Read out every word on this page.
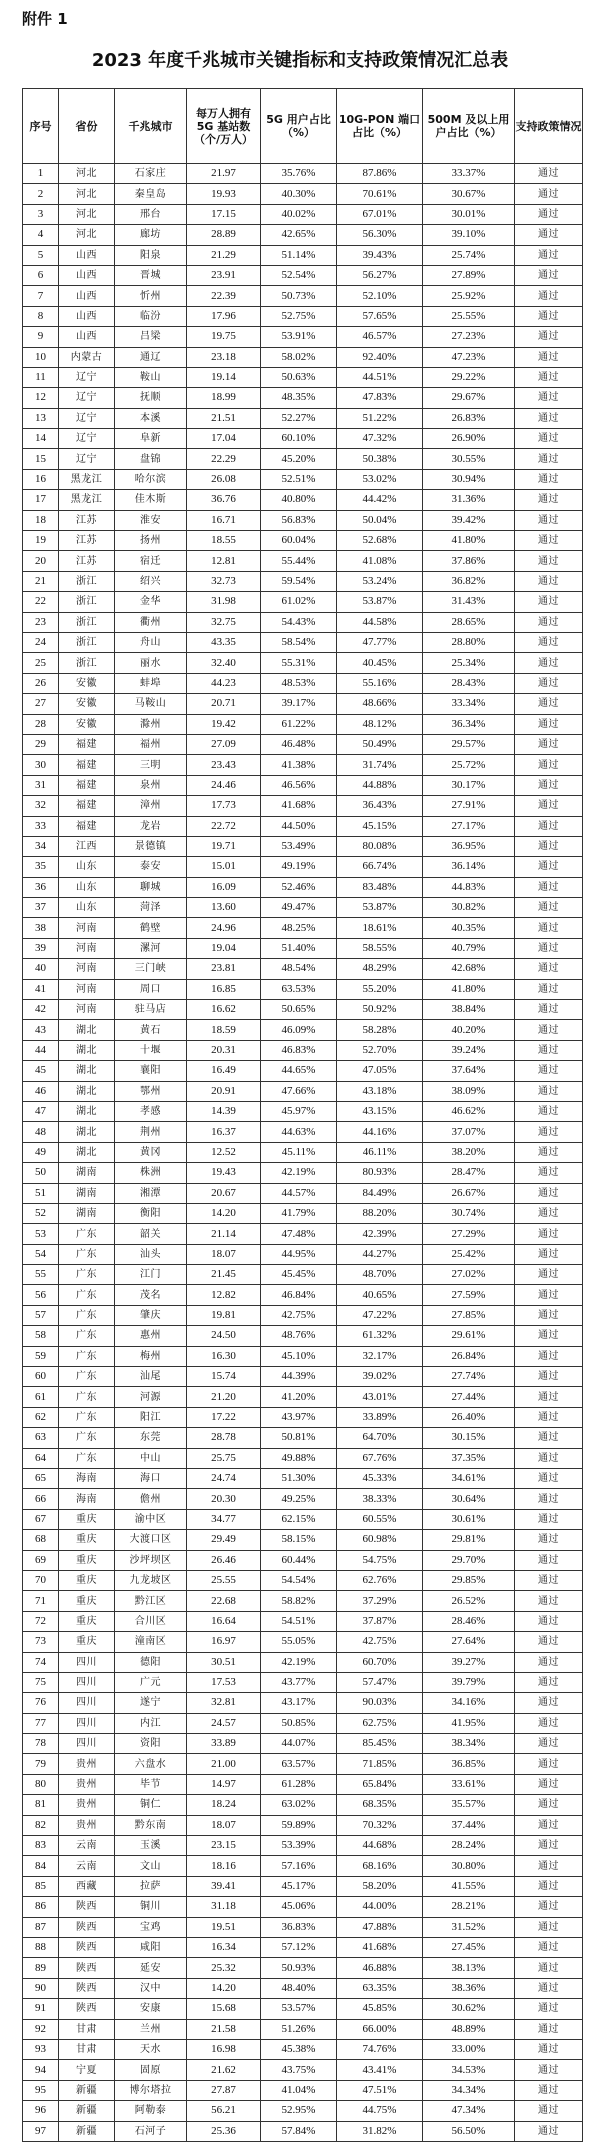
附件 1
2023 年度千兆城市关键指标和支持政策情况汇总表
序号	省份	千兆城市	每万人拥有 5G 基站数（个/万人）	5G 用户占比（%）	10G-PON 端口占比（%）	500M 及以上用户占比（%）	支持政策情况
1	河北	石家庄	21.97	35.76%	87.86%	33.37%	通过
2	河北	秦皇岛	19.93	40.30%	70.61%	30.67%	通过
3	河北	邢台	17.15	40.02%	67.01%	30.01%	通过
4	河北	廊坊	28.89	42.65%	56.30%	39.10%	通过
5	山西	阳泉	21.29	51.14%	39.43%	25.74%	通过
6	山西	晋城	23.91	52.54%	56.27%	27.89%	通过
7	山西	忻州	22.39	50.73%	52.10%	25.92%	通过
8	山西	临汾	17.96	52.75%	57.65%	25.55%	通过
9	山西	吕梁	19.75	53.91%	46.57%	27.23%	通过
10	内蒙古	通辽	23.18	58.02%	92.40%	47.23%	通过
11	辽宁	鞍山	19.14	50.63%	44.51%	29.22%	通过
12	辽宁	抚顺	18.99	48.35%	47.83%	29.67%	通过
13	辽宁	本溪	21.51	52.27%	51.22%	26.83%	通过
14	辽宁	阜新	17.04	60.10%	47.32%	26.90%	通过
15	辽宁	盘锦	22.29	45.20%	50.38%	30.55%	通过
16	黑龙江	哈尔滨	26.08	52.51%	53.02%	30.94%	通过
17	黑龙江	佳木斯	36.76	40.80%	44.42%	31.36%	通过
18	江苏	淮安	16.71	56.83%	50.04%	39.42%	通过
19	江苏	扬州	18.55	60.04%	52.68%	41.80%	通过
20	江苏	宿迁	12.81	55.44%	41.08%	37.86%	通过
21	浙江	绍兴	32.73	59.54%	53.24%	36.82%	通过
22	浙江	金华	31.98	61.02%	53.87%	31.43%	通过
23	浙江	衢州	32.75	54.43%	44.58%	28.65%	通过
24	浙江	舟山	43.35	58.54%	47.77%	28.80%	通过
25	浙江	丽水	32.40	55.31%	40.45%	25.34%	通过
26	安徽	蚌埠	44.23	48.53%	55.16%	28.43%	通过
27	安徽	马鞍山	20.71	39.17%	48.66%	33.34%	通过
28	安徽	滁州	19.42	61.22%	48.12%	36.34%	通过
29	福建	福州	27.09	46.48%	50.49%	29.57%	通过
30	福建	三明	23.43	41.38%	31.74%	25.72%	通过
31	福建	泉州	24.46	46.56%	44.88%	30.17%	通过
32	福建	漳州	17.73	41.68%	36.43%	27.91%	通过
33	福建	龙岩	22.72	44.50%	45.15%	27.17%	通过
34	江西	景德镇	19.71	53.49%	80.08%	36.95%	通过
35	山东	泰安	15.01	49.19%	66.74%	36.14%	通过
36	山东	聊城	16.09	52.46%	83.48%	44.83%	通过
37	山东	菏泽	13.60	49.47%	53.87%	30.82%	通过
38	河南	鹤壁	24.96	48.25%	18.61%	40.35%	通过
39	河南	漯河	19.04	51.40%	58.55%	40.79%	通过
40	河南	三门峡	23.81	48.54%	48.29%	42.68%	通过
41	河南	周口	16.85	63.53%	55.20%	41.80%	通过
42	河南	驻马店	16.62	50.65%	50.92%	38.84%	通过
43	湖北	黄石	18.59	46.09%	58.28%	40.20%	通过
44	湖北	十堰	20.31	46.83%	52.70%	39.24%	通过
45	湖北	襄阳	16.49	44.65%	47.05%	37.64%	通过
46	湖北	鄂州	20.91	47.66%	43.18%	38.09%	通过
47	湖北	孝感	14.39	45.97%	43.15%	46.62%	通过
48	湖北	荆州	16.37	44.63%	44.16%	37.07%	通过
49	湖北	黄冈	12.52	45.11%	46.11%	38.20%	通过
50	湖南	株洲	19.43	42.19%	80.93%	28.47%	通过
51	湖南	湘潭	20.67	44.57%	84.49%	26.67%	通过
52	湖南	衡阳	14.20	41.79%	88.20%	30.74%	通过
53	广东	韶关	21.14	47.48%	42.39%	27.29%	通过
54	广东	汕头	18.07	44.95%	44.27%	25.42%	通过
55	广东	江门	21.45	45.45%	48.70%	27.02%	通过
56	广东	茂名	12.82	46.84%	40.65%	27.59%	通过
57	广东	肇庆	19.81	42.75%	47.22%	27.85%	通过
58	广东	惠州	24.50	48.76%	61.32%	29.61%	通过
59	广东	梅州	16.30	45.10%	32.17%	26.84%	通过
60	广东	汕尾	15.74	44.39%	39.02%	27.74%	通过
61	广东	河源	21.20	41.20%	43.01%	27.44%	通过
62	广东	阳江	17.22	43.97%	33.89%	26.40%	通过
63	广东	东莞	28.78	50.81%	64.70%	30.15%	通过
64	广东	中山	25.75	49.88%	67.76%	37.35%	通过
65	海南	海口	24.74	51.30%	45.33%	34.61%	通过
66	海南	儋州	20.30	49.25%	38.33%	30.64%	通过
67	重庆	渝中区	34.77	62.15%	60.55%	30.61%	通过
68	重庆	大渡口区	29.49	58.15%	60.98%	29.81%	通过
69	重庆	沙坪坝区	26.46	60.44%	54.75%	29.70%	通过
70	重庆	九龙坡区	25.55	54.54%	62.76%	29.85%	通过
71	重庆	黔江区	22.68	58.82%	37.29%	26.52%	通过
72	重庆	合川区	16.64	54.51%	37.87%	28.46%	通过
73	重庆	潼南区	16.97	55.05%	42.75%	27.64%	通过
74	四川	德阳	30.51	42.19%	60.70%	39.27%	通过
75	四川	广元	17.53	43.77%	57.47%	39.79%	通过
76	四川	遂宁	32.81	43.17%	90.03%	34.16%	通过
77	四川	内江	24.57	50.85%	62.75%	41.95%	通过
78	四川	资阳	33.89	44.07%	85.45%	38.34%	通过
79	贵州	六盘水	21.00	63.57%	71.85%	36.85%	通过
80	贵州	毕节	14.97	61.28%	65.84%	33.61%	通过
81	贵州	铜仁	18.24	63.02%	68.35%	35.57%	通过
82	贵州	黔东南	18.07	59.89%	70.32%	37.44%	通过
83	云南	玉溪	23.15	53.39%	44.68%	28.24%	通过
84	云南	文山	18.16	57.16%	68.16%	30.80%	通过
85	西藏	拉萨	39.41	45.17%	58.20%	41.55%	通过
86	陕西	铜川	31.18	45.06%	44.00%	28.21%	通过
87	陕西	宝鸡	19.51	36.83%	47.88%	31.52%	通过
88	陕西	咸阳	16.34	57.12%	41.68%	27.45%	通过
89	陕西	延安	25.32	50.93%	46.88%	38.13%	通过
90	陕西	汉中	14.20	48.40%	63.35%	38.36%	通过
91	陕西	安康	15.68	53.57%	45.85%	30.62%	通过
92	甘肃	兰州	21.58	51.26%	66.00%	48.89%	通过
93	甘肃	天水	16.98	45.38%	74.76%	33.00%	通过
94	宁夏	固原	21.62	43.75%	43.41%	34.53%	通过
95	新疆	博尔塔拉	27.87	41.04%	47.51%	34.34%	通过
96	新疆	阿勒泰	56.21	52.95%	44.75%	47.34%	通过
97	新疆	石河子	25.36	57.84%	31.82%	56.50%	通过
